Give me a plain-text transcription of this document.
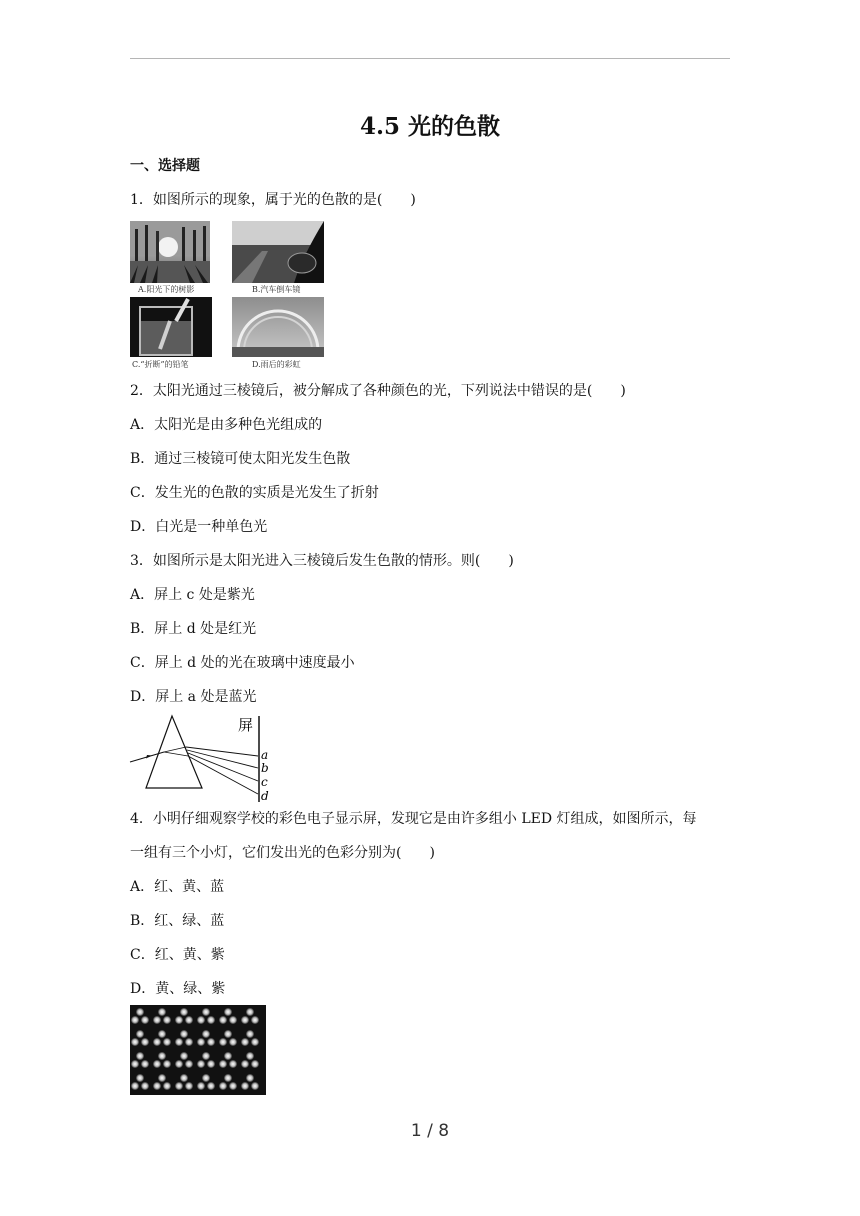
4.5 光的色散
一、选择题
1．如图所示的现象，属于光的色散的是(　　)
A.阳光下的树影	B.汽车倒车镜
C.“折断”的铅笔	D.雨后的彩虹
2．太阳光通过三棱镜后，被分解成了各种颜色的光，下列说法中错误的是(　　)
A．太阳光是由多种色光组成的
B．通过三棱镜可使太阳光发生色散
C．发生光的色散的实质是光发生了折射
D．白光是一种单色光
3．如图所示是太阳光进入三棱镜后发生色散的情形。则(　　)
A．屏上 c 处是紫光
B．屏上 d 处是红光
C．屏上 d 处的光在玻璃中速度最小
D．屏上 a 处是蓝光
屏
a
b
c
d
4．小明仔细观察学校的彩色电子显示屏，发现它是由许多组小 LED 灯组成，如图所示，每
一组有三个小灯，它们发出光的色彩分别为(　　)
A．红、黄、蓝
B．红、绿、蓝
C．红、黄、紫
D．黄、绿、紫
1 / 8
